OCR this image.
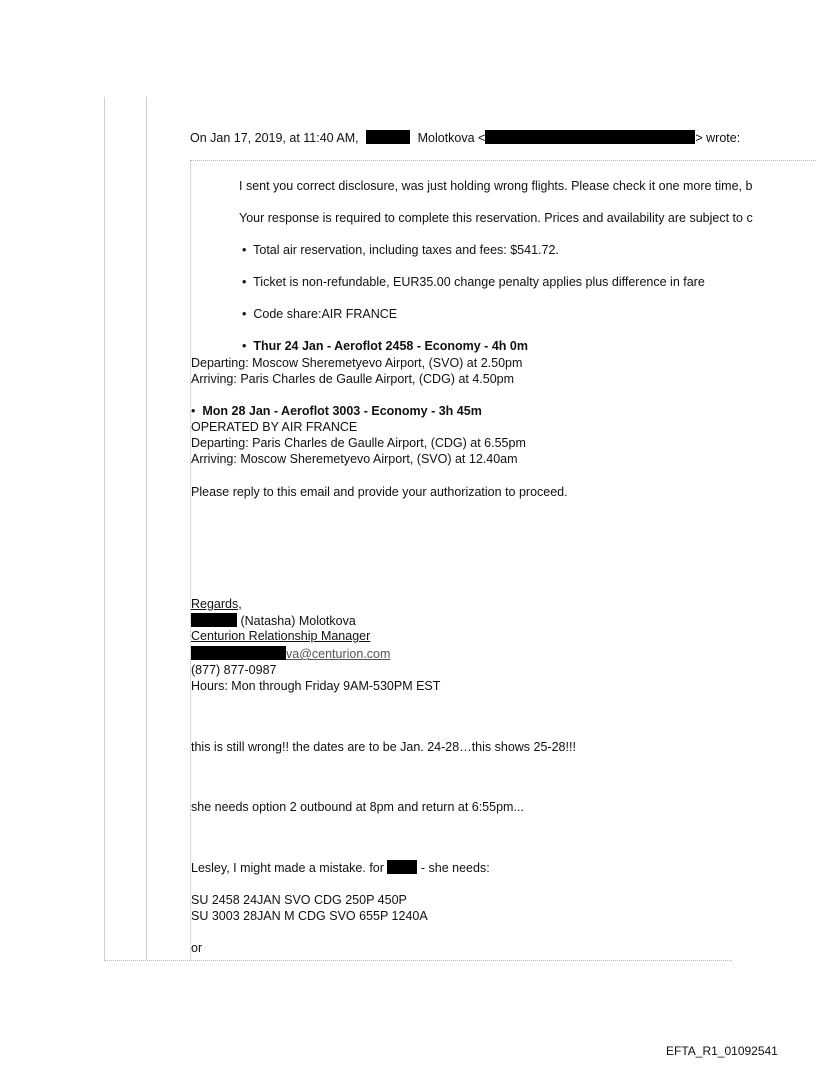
On Jan 17, 2019, at 11:40 AM,	Molotkova <	> wrote:
I sent you correct disclosure, was just holding wrong flights. Please check it one more time, b
Your response is required to complete this reservation. Prices and availability are subject to c
• Total air reservation, including taxes and fees: $541.72.
• Ticket is non-refundable, EUR35.00 change penalty applies plus difference in fare
• Code share:AIR FRANCE
• Thur 24 Jan - Aeroflot 2458 - Economy - 4h 0m
Departing: Moscow Sheremetyevo Airport, (SVO) at 2.50pm
Arriving: Paris Charles de Gaulle Airport, (CDG) at 4.50pm
• Mon 28 Jan - Aeroflot 3003 - Economy - 3h 45m
OPERATED BY AIR FRANCE
Departing: Paris Charles de Gaulle Airport, (CDG) at 6.55pm
Arriving: Moscow Sheremetyevo Airport, (SVO) at 12.40am
Please reply to this email and provide your authorization to proceed.
Regards,
(Natasha) Molotkova
Centurion Relationship Manager
va@centurion.com
(877) 877-0987
Hours: Mon through Friday 9AM-530PM EST
this is still wrong!! the dates are to be Jan. 24-28…this shows 25-28!!!
she needs option 2 outbound at 8pm and return at 6:55pm...
Lesley, I might made a mistake. for	- she needs:
SU 2458 24JAN SVO CDG 250P 450P
SU 3003 28JAN M CDG SVO 655P 1240A
or
EFTA_R1_01092541
